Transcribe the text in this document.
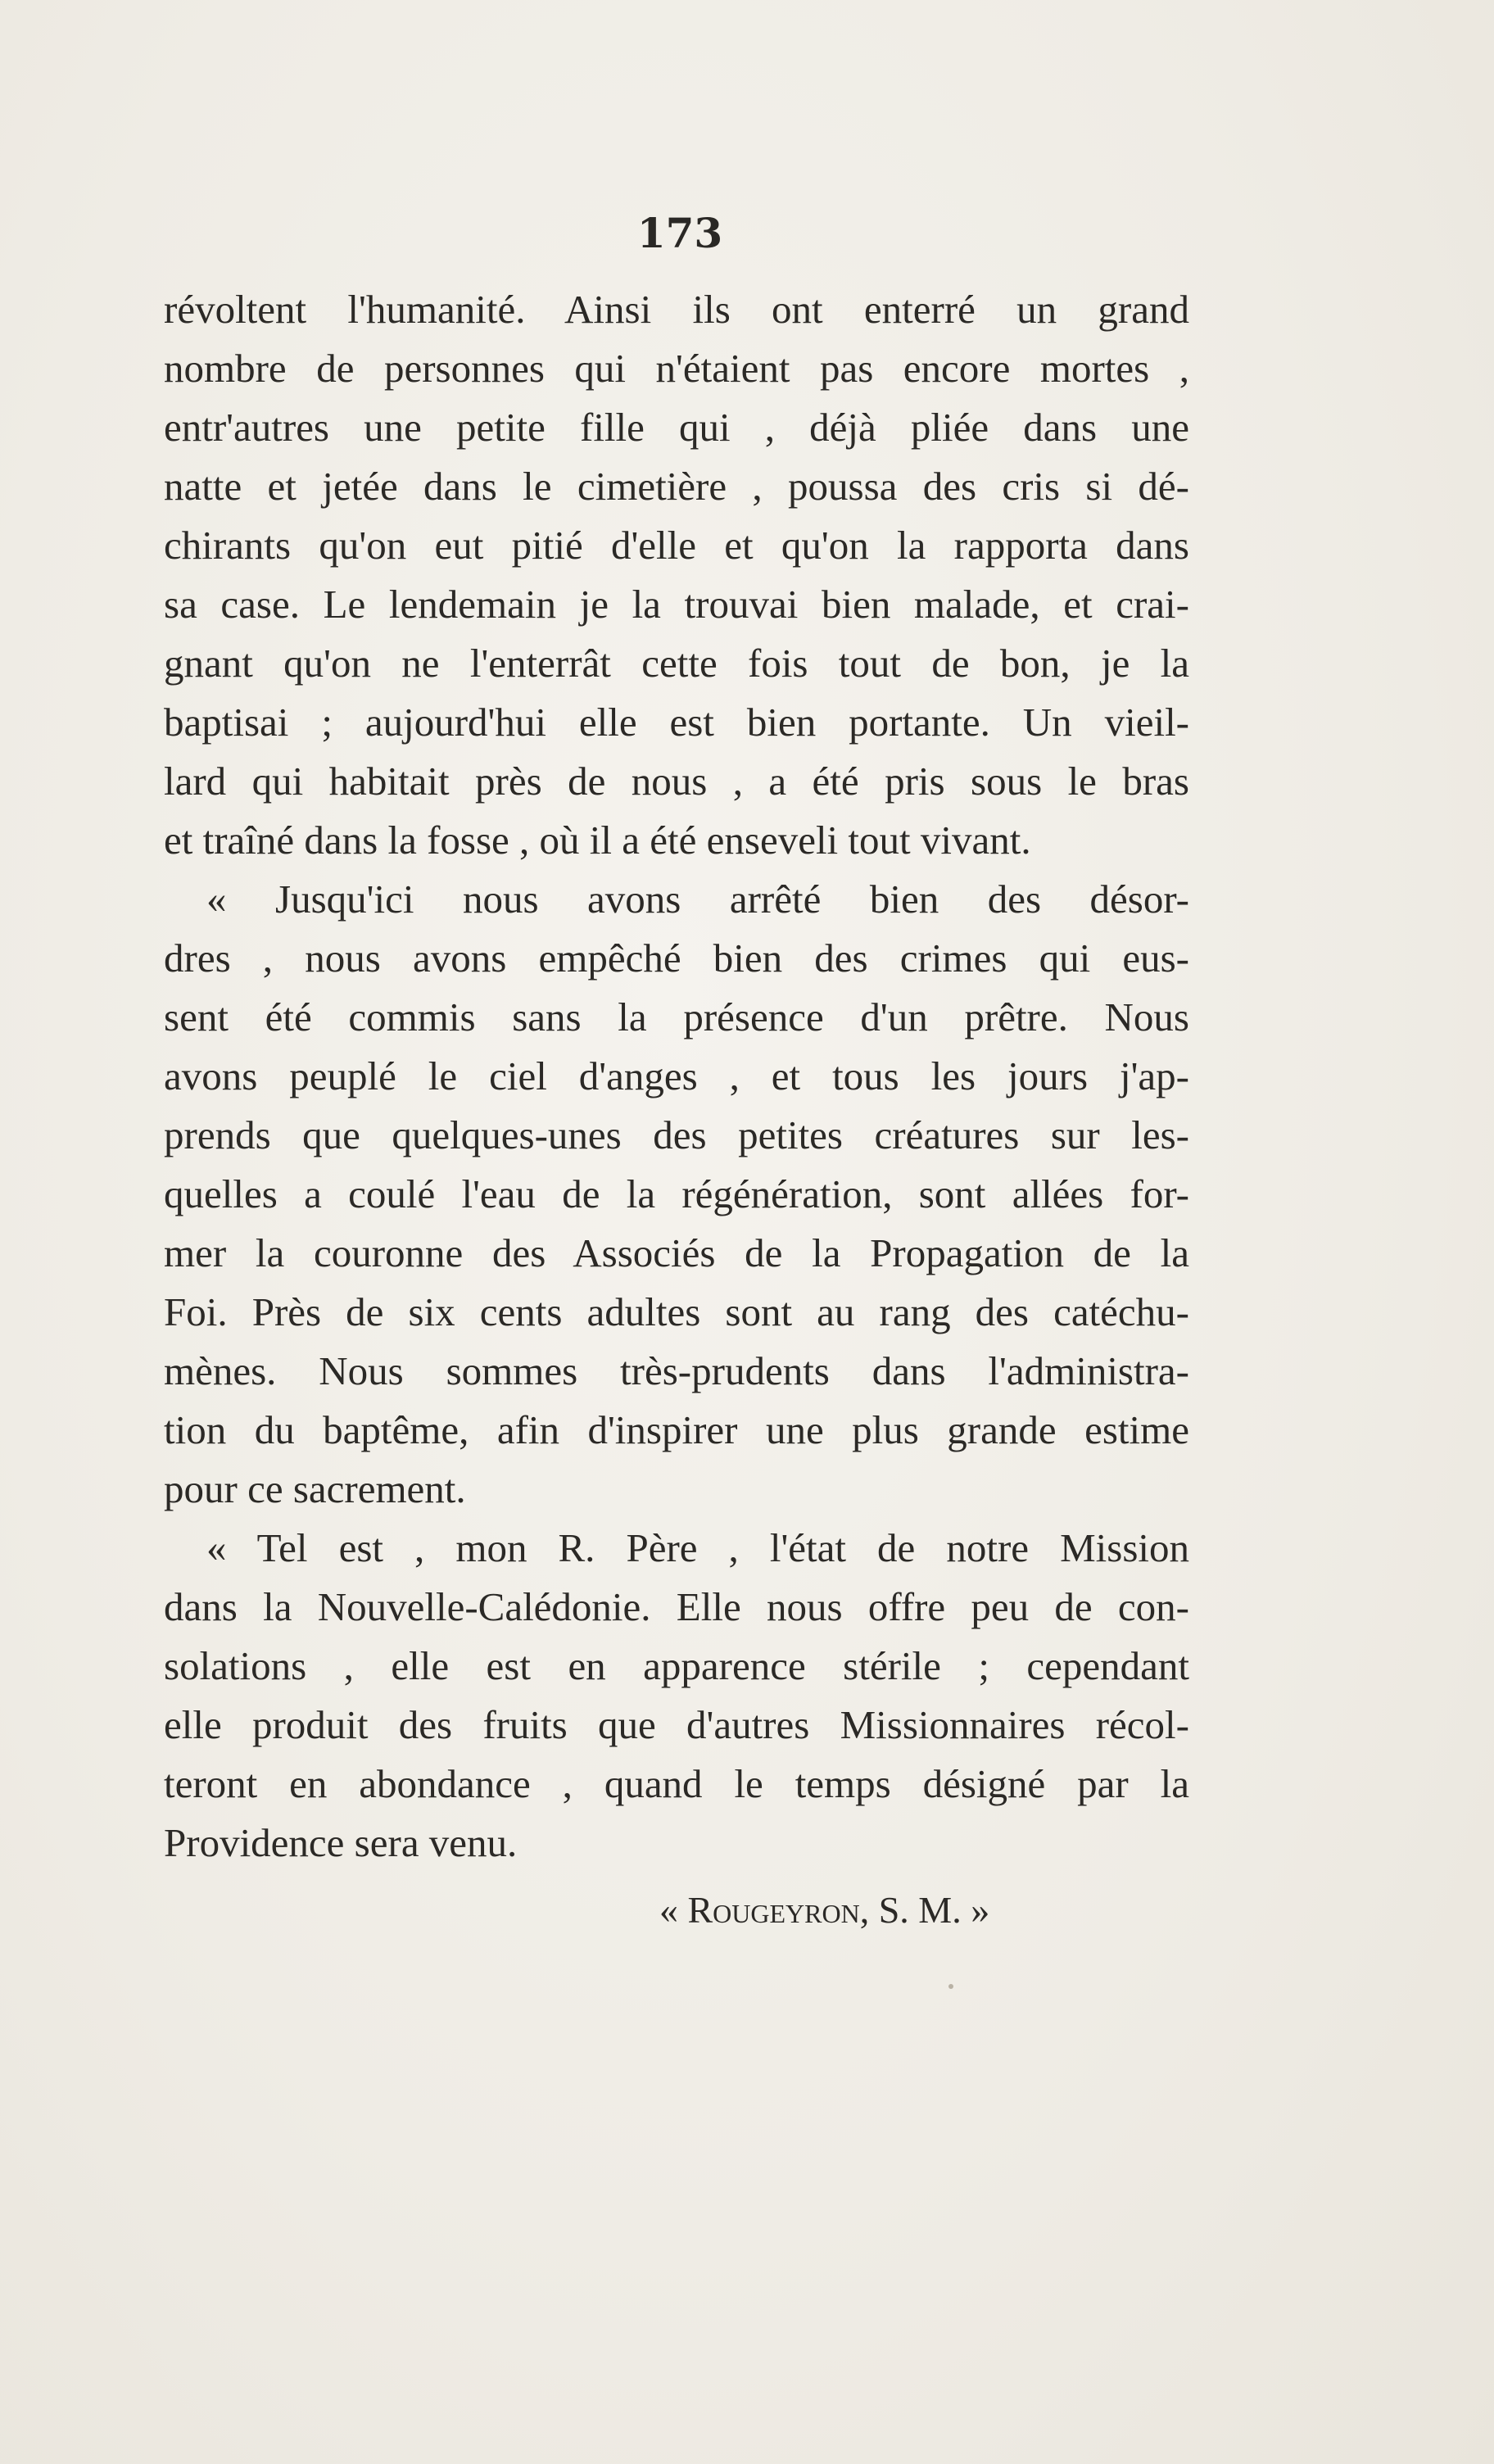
173
révoltent l'humanité. Ainsi ils ont enterré un grand
nombre de personnes qui n'étaient pas encore mortes ,
entr'autres une petite fille qui , déjà pliée dans une
natte et jetée dans le cimetière , poussa des cris si dé-
chirants qu'on eut pitié d'elle et qu'on la rapporta dans
sa case. Le lendemain je la trouvai bien malade, et crai-
gnant qu'on ne l'enterrât cette fois tout de bon, je la
baptisai ; aujourd'hui elle est bien portante. Un vieil-
lard qui habitait près de nous , a été pris sous le bras
et traîné dans la fosse , où il a été enseveli tout vivant.
« Jusqu'ici nous avons arrêté bien des désor-
dres , nous avons empêché bien des crimes qui eus-
sent été commis sans la présence d'un prêtre. Nous
avons peuplé le ciel d'anges , et tous les jours j'ap-
prends que quelques-unes des petites créatures sur les-
quelles a coulé l'eau de la régénération, sont allées for-
mer la couronne des Associés de la Propagation de la
Foi. Près de six cents adultes sont au rang des catéchu-
mènes. Nous sommes très-prudents dans l'administra-
tion du baptême, afin d'inspirer une plus grande estime
pour ce sacrement.
« Tel est , mon R. Père , l'état de notre Mission
dans la Nouvelle-Calédonie. Elle nous offre peu de con-
solations , elle est en apparence stérile ; cependant
elle produit des fruits que d'autres Missionnaires récol-
teront en abondance , quand le temps désigné par la
Providence sera venu.
« Rougeyron, S. M. »
